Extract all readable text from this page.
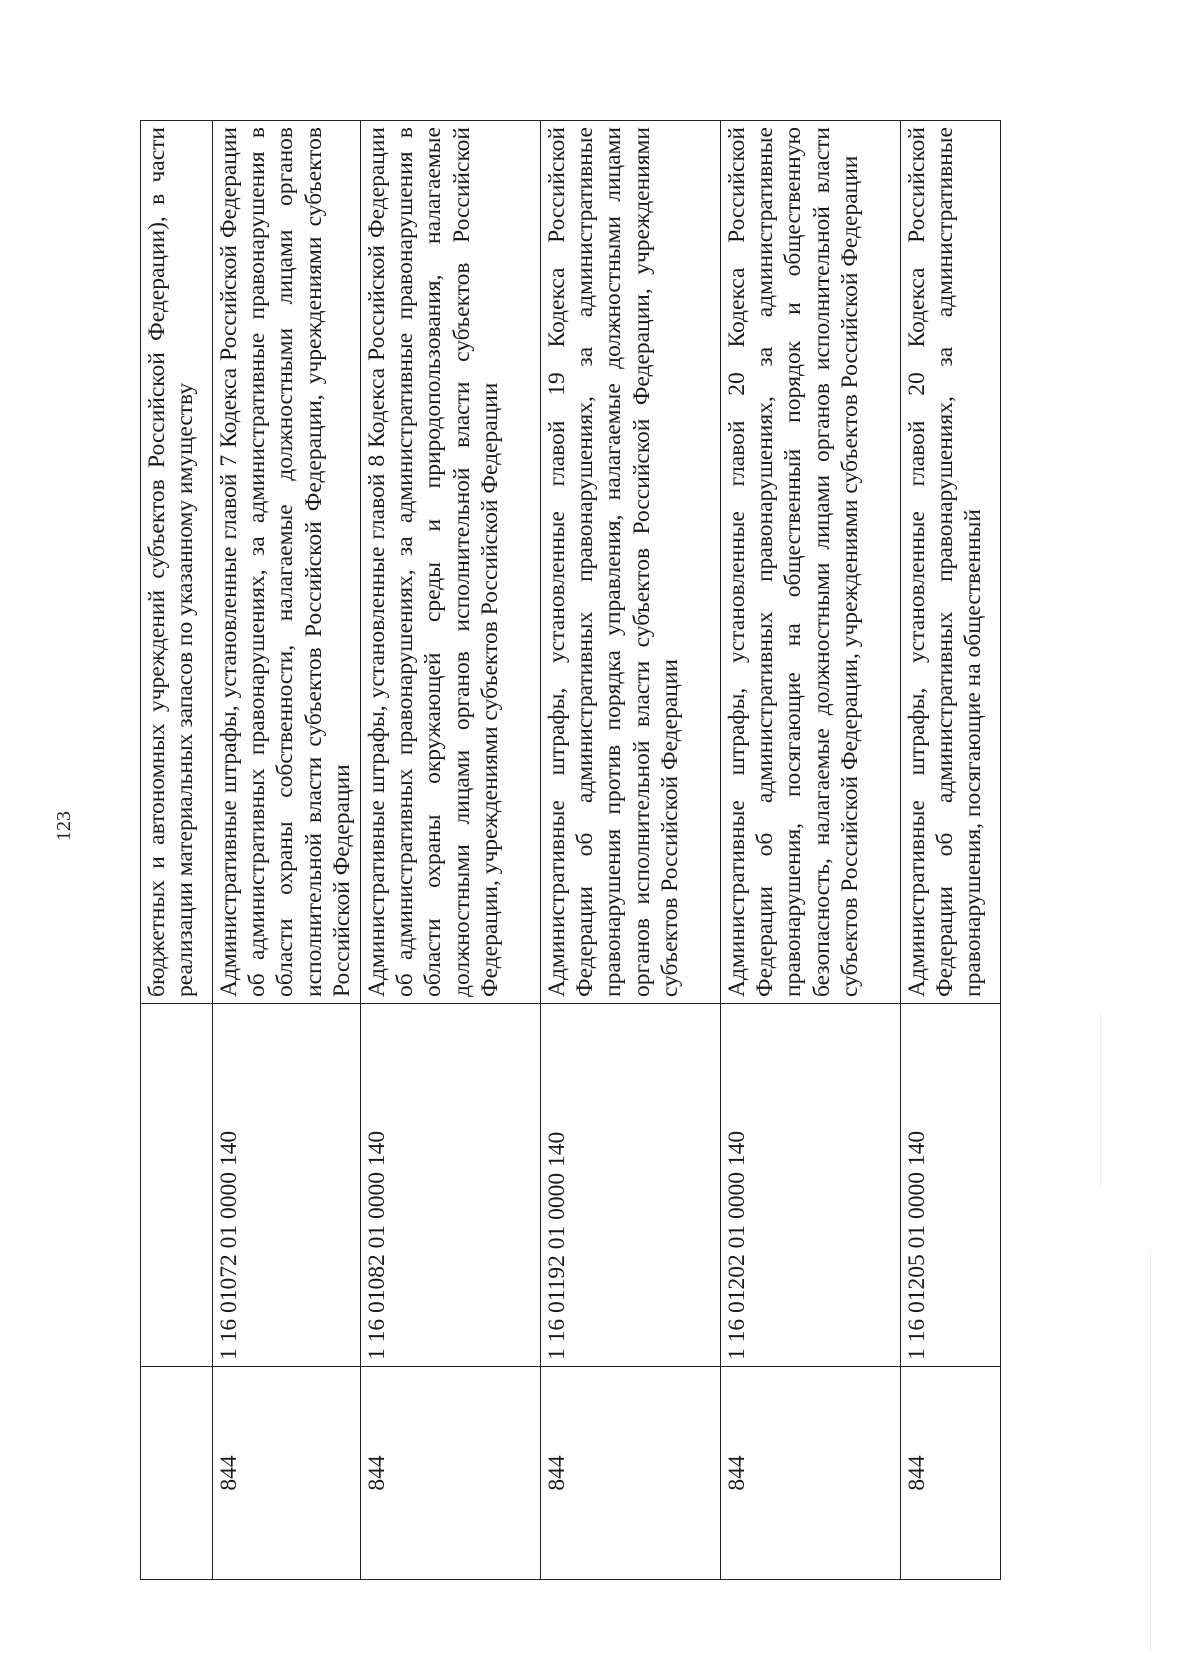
123
			бюджетных и автономных учреждений субъектов Российской Федерации), в части реализации материальных запасов по указанному имуществу
844	1 16 01072 01 0000 140	Административные штрафы, установленные главой 7 Кодекса Российской Федерации об административных правонарушениях, за административные правонарушения в области охраны собственности, налагаемые должностными лицами органов исполнительной власти субъектов Российской Федерации, учреждениями субъектов Российской Федерации
844	1 16 01082 01 0000 140	Административные штрафы, установленные главой 8 Кодекса Российской Федерации об административных правонарушениях, за административные правонарушения в области охраны окружающей среды и природопользования, налагаемые должностными лицами органов исполнительной власти субъектов Российской Федерации, учреждениями субъектов Российской Федерации
844	1 16 01192 01 0000 140	Административные штрафы, установленные главой 19 Кодекса Российской Федерации об административных правонарушениях, за административные правонарушения против порядка управления, налагаемые должностными лицами органов исполнительной власти субъектов Российской Федерации, учреждениями субъектов Российской Федерации
844	1 16 01202 01 0000 140	Административные штрафы, установленные главой 20 Кодекса Российской Федерации об административных правонарушениях, за административные правонарушения, посягающие на общественный порядок и общественную безопасность, налагаемые должностными лицами органов исполнительной власти субъектов Российской Федерации, учреждениями субъектов Российской Федерации
844	1 16 01205 01 0000 140	Административные штрафы, установленные главой 20 Кодекса Российской Федерации об административных правонарушениях, за административные правонарушения, посягающие на общественный
